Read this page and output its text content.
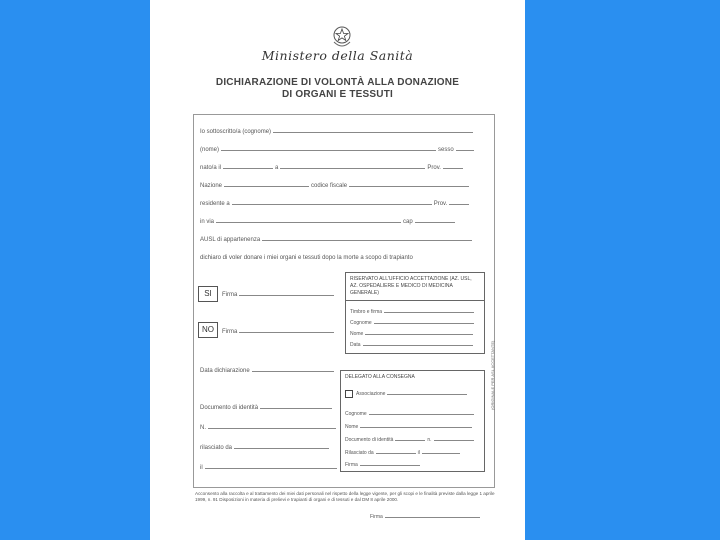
Ministero della Sanità
DICHIARAZIONE DI VOLONTÀ ALLA DONAZIONE
DI ORGANI E TESSUTI
Io sottoscritto/a (cognome)
(nome)	sesso
nato/a il	a	Prov.
Nazione	codice fiscale
residente a	Prov.
in via	cap
AUSL di appartenenza
dichiaro di voler donare i miei organi e tessuti dopo la morte a scopo di trapianto
SI	Firma
NO	Firma
Data dichiarazione
Documento di identità
N.
rilasciato da
il
RISERVATO ALL'UFFICIO ACCETTAZIONE (AZ. USL, AZ. OSPEDALIERE E MEDICO DI MEDICINA GENERALE)
Timbro e firma
Cognome
Nome
Data
DELEGATO ALLA CONSEGNA
Associazione
Cognome
Nome
Documento di identità	n.
Rilasciato da	il
Firma
(ORIGINALE PER ASL ACCETTANTE)
Acconsento alla raccolta e al trattamento dei miei dati personali nel rispetto della legge vigente, per gli scopi e le finalità previste dalla legge 1 aprile 1999, n. 91 Disposizioni in materia di prelievi e trapianti di organi e di tessuti e dal DM 8 aprile 2000.
Firma
